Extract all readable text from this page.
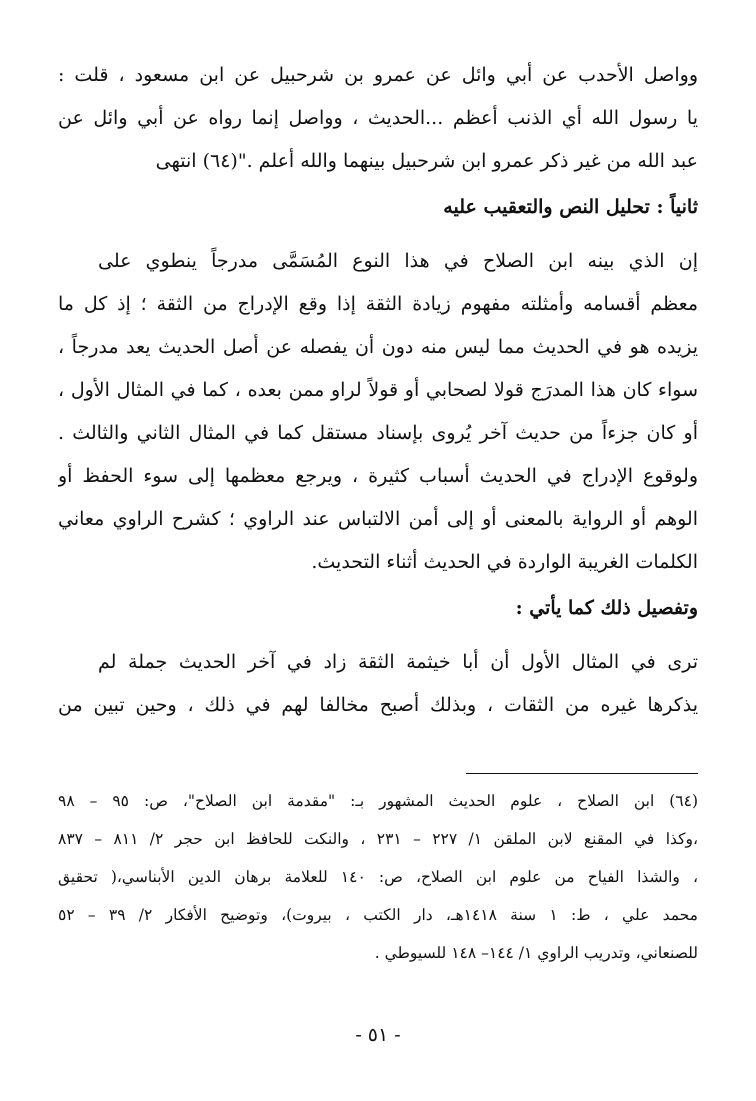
وواصل الأحدب عن أبي وائل عن عمرو بن شرحبيل عن ابن مسعود ، قلت :
يا رسول الله أي الذنب أعظم ...الحديث ، وواصل إنما رواه عن أبي وائل عن
عبد الله من غير ذكر عمرو ابن شرحبيل بينهما والله أعلم ."(٦٤) انتهى
ثانياً : تحليل النص والتعقيب عليه
إن الذي بينه ابن الصلاح في هذا النوع المُسَمَّى مدرجاً ينطوي على
معظم أقسامه وأمثلته مفهوم زيادة الثقة إذا وقع الإدراج من الثقة ؛ إذ كل ما
يزيده هو في الحديث مما ليس منه دون أن يفصله عن أصل الحديث يعد مدرجاً ،
سواء كان هذا المدرَج قولا لصحابي أو قولاً لراو ممن بعده ، كما في المثال الأول ،
أو كان جزءاً من حديث آخر يُروى بإسناد مستقل كما في المثال الثاني والثالث .
ولوقوع الإدراج في الحديث أسباب كثيرة ، ويرجع معظمها إلى سوء الحفظ أو
الوهم أو الرواية بالمعنى أو إلى أمن الالتباس عند الراوي ؛ كشرح الراوي معاني
الكلمات الغريبة الواردة في الحديث أثناء التحديث.
وتفصيل ذلك كما يأتي :
ترى في المثال الأول أن أبا خيثمة الثقة زاد في آخر الحديث جملة لم
يذكرها غيره من الثقات ، وبذلك أصبح مخالفا لهم في ذلك ، وحين تبين من
(٦٤) ابن الصلاح ، علوم الحديث المشهور بـ: "مقدمة ابن الصلاح"، ص: ٩٥ – ٩٨
،وكذا في المقنع لابن الملقن ١/ ٢٢٧ – ٢٣١ ، والنكت للحافظ ابن حجر ٢/ ٨١١ – ٨٣٧
، والشذا الفياح من علوم ابن الصلاح، ص: ١٤٠ للعلامة برهان الدين الأبناسي،( تحقيق
محمد علي ، ط: ١ سنة ١٤١٨هـ، دار الكتب ، بيروت)، وتوضيح الأفكار ٢/ ٣٩ – ٥٢
للصنعاني، وتدريب الراوي ١/ ١٤٤– ١٤٨ للسيوطي .
- ٥١ -
